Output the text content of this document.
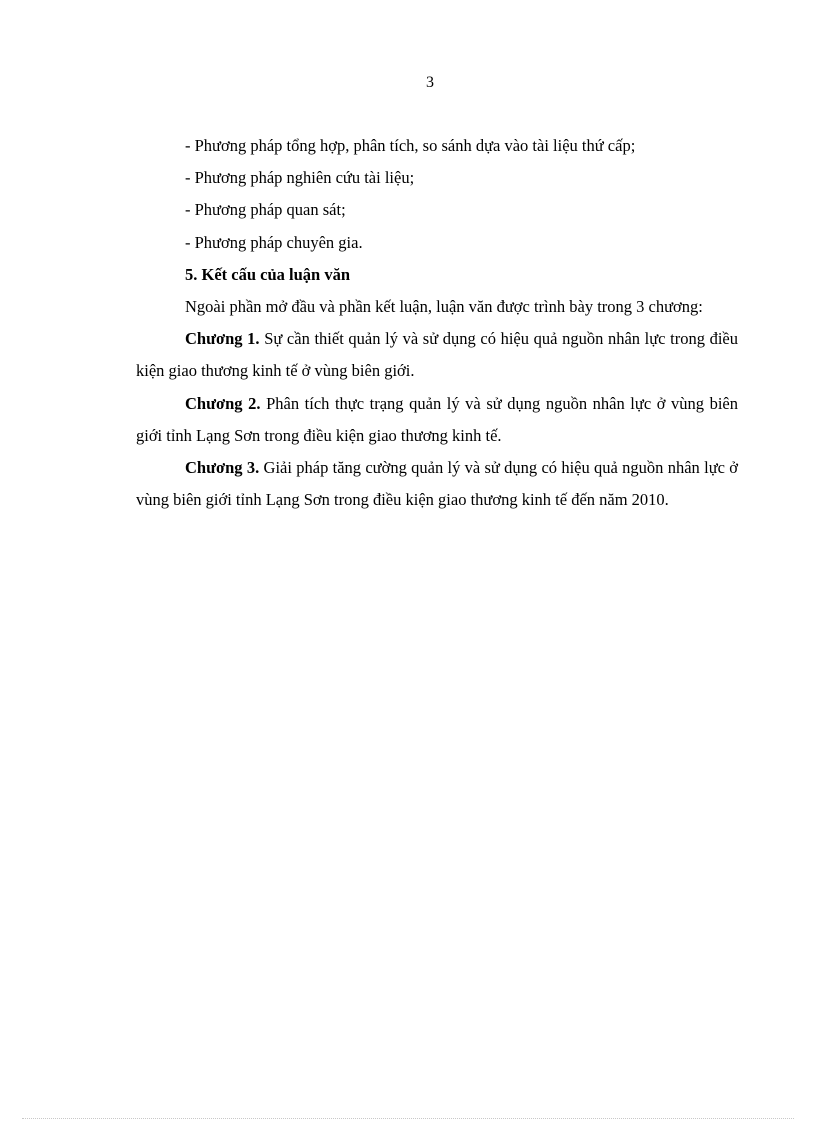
3

- Phương pháp tổng hợp, phân tích, so sánh dựa vào tài liệu thứ cấp;

- Phương pháp nghiên cứu tài liệu;

- Phương pháp quan sát;

- Phương pháp chuyên gia.

5. Kết cấu của luận văn

Ngoài phần mở đầu và phần kết luận, luận văn được trình bày trong 3 chương:

Chương 1. Sự cần thiết quản lý và sử dụng có hiệu quả nguồn nhân lực trong điều kiện giao thương kinh tế ở vùng biên giới.

Chương 2. Phân tích thực trạng quản lý và sử dụng nguồn nhân lực ở vùng biên giới tỉnh Lạng Sơn trong điều kiện giao thương kinh tế.

Chương 3. Giải pháp tăng cường quản lý và sử dụng có hiệu quả nguồn nhân lực ở vùng biên giới tỉnh Lạng Sơn trong điều kiện giao thương kinh tế đến năm 2010.
